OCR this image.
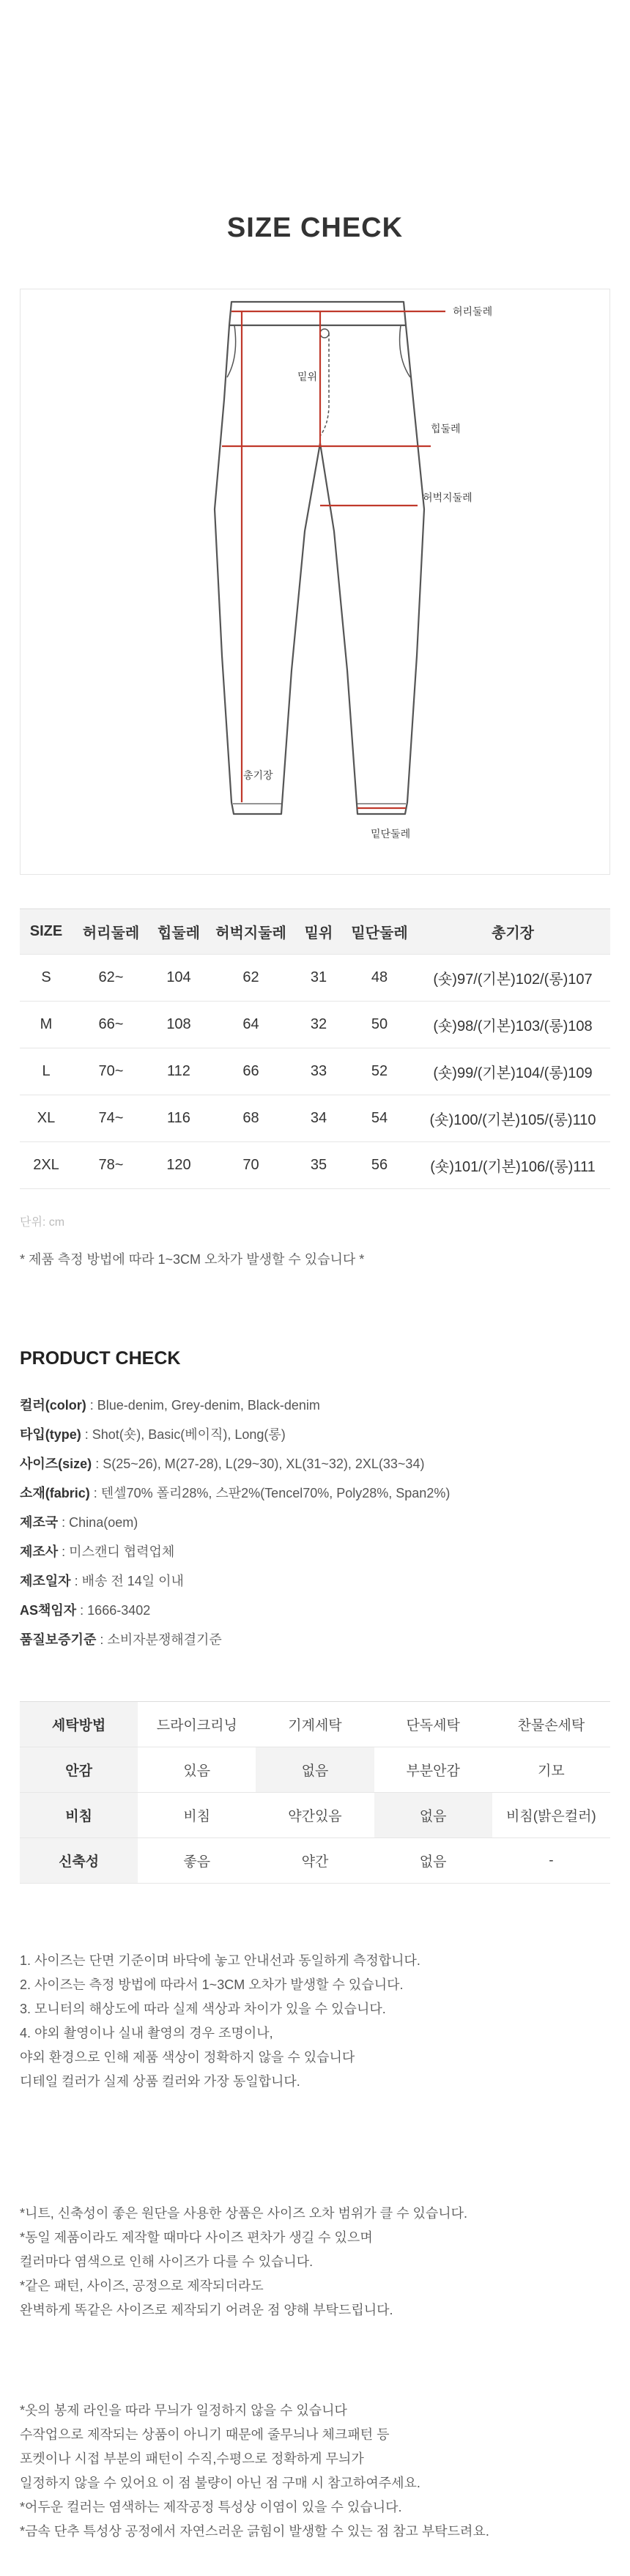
SIZE CHECK
허리둘레
밑위
힙둘레
허벅지둘레
총기장
밑단둘레
SIZE	허리둘레	힙둘레	허벅지둘레	밑위	밑단둘레	총기장
S	62~	104	62	31	48	(숏)97/(기본)102/(롱)107
M	66~	108	64	32	50	(숏)98/(기본)103/(롱)108
L	70~	112	66	33	52	(숏)99/(기본)104/(롱)109
XL	74~	116	68	34	54	(숏)100/(기본)105/(롱)110
2XL	78~	120	70	35	56	(숏)101/(기본)106/(롱)111
단위: cm
* 제품 측정 방법에 따라 1~3CM 오차가 발생할 수 있습니다 *
PRODUCT CHECK
컬러(color) : Blue-denim, Grey-denim, Black-denim
타입(type) : Shot(숏), Basic(베이직), Long(롱)
사이즈(size) : S(25~26), M(27-28), L(29~30), XL(31~32), 2XL(33~34)
소재(fabric) : 텐셀70% 폴리28%, 스판2%(Tencel70%, Poly28%, Span2%)
제조국 : China(oem)
제조사 : 미스캔디 협력업체
제조일자 : 배송 전 14일 이내
AS책임자 : 1666-3402
품질보증기준 : 소비자분쟁해결기준
세탁방법	드라이크리닝	기계세탁	단독세탁	찬물손세탁
안감	있음	없음	부분안감	기모
비침	비침	약간있음	없음	비침(밝은컬러)
신축성	좋음	약간	없음	-
1. 사이즈는 단면 기준이며 바닥에 놓고 안내선과 동일하게 측정합니다.
2. 사이즈는 측정 방법에 따라서 1~3CM 오차가 발생할 수 있습니다.
3. 모니터의 해상도에 따라 실제 색상과 차이가 있을 수 있습니다.
4. 야외 촬영이나 실내 촬영의 경우 조명이나,
야외 환경으로 인해 제품 색상이 정확하지 않을 수 있습니다
디테일 컬러가 실제 상품 컬러와 가장 동일합니다.
*니트, 신축성이 좋은 원단을 사용한 상품은 사이즈 오차 범위가 클 수 있습니다.
*동일 제품이라도 제작할 때마다 사이즈 편차가 생길 수 있으며
컬러마다 염색으로 인해 사이즈가 다를 수 있습니다.
*같은 패턴, 사이즈, 공정으로 제작되더라도
완벽하게 똑같은 사이즈로 제작되기 어려운 점 양해 부탁드립니다.
*옷의 봉제 라인을 따라 무늬가 일정하지 않을 수 있습니다
수작업으로 제작되는 상품이 아니기 때문에 줄무늬나 체크패턴 등
포켓이나 시접 부분의 패턴이 수직,수평으로 정확하게 무늬가
일정하지 않을 수 있어요 이 점 불량이 아닌 점 구매 시 참고하여주세요.
*어두운 컬러는 염색하는 제작공정 특성상 이염이 있을 수 있습니다.
*금속 단추 특성상 공정에서 자연스러운 긁힘이 발생할 수 있는 점 참고 부탁드려요.
